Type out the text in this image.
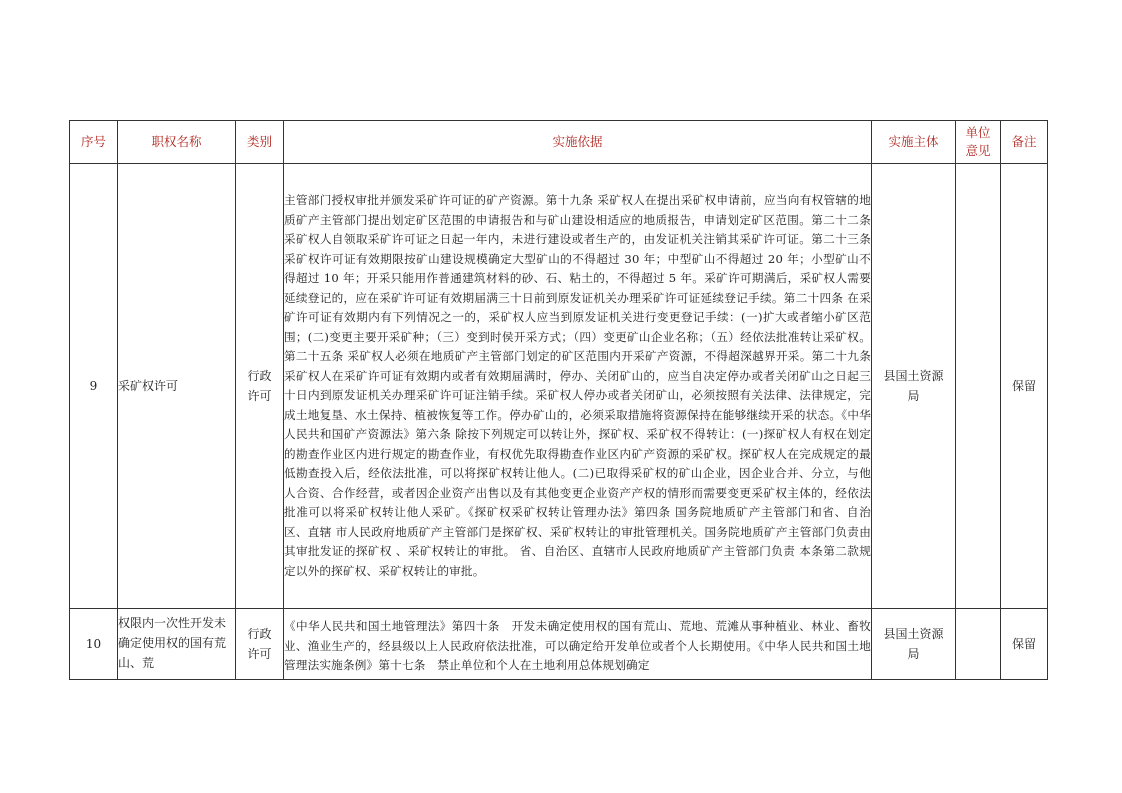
序号	职权名称	类别	实施依据	实施主体	单位意见	备注
9	采矿权许可	行政许可	主管部门授权审批并颁发采矿许可证的矿产资源。第十九条 采矿权人在提出采矿权申请前，应当向有权管辖的地质矿产主管部门提出划定矿区范围的申请报告和与矿山建设相适应的地质报告，申请划定矿区范围。第二十二条 采矿权人自领取采矿许可证之日起一年内，未进行建设或者生产的，由发证机关注销其采矿许可证。第二十三条 采矿权许可证有效期限按矿山建设规模确定大型矿山的不得超过 30 年；中型矿山不得超过 20 年；小型矿山不得超过 10 年；开采只能用作普通建筑材料的砂、石、粘土的，不得超过 5 年。采矿许可期满后，采矿权人需要延续登记的，应在采矿许可证有效期届满三十日前到原发证机关办理采矿许可证延续登记手续。第二十四条 在采矿许可证有效期内有下列情况之一的，采矿权人应当到原发证机关进行变更登记手续：(一)扩大或者缩小矿区范围；(二)变更主要开采矿种；（三）变到时侯开采方式；（四）变更矿山企业名称；（五）经依法批准转让采矿权。第二十五条 采矿权人必须在地质矿产主管部门划定的矿区范围内开采矿产资源，不得超深越界开采。第二十九条 采矿权人在采矿许可证有效期内或者有效期届满时，停办、关闭矿山的，应当自决定停办或者关闭矿山之日起三十日内到原发证机关办理采矿许可证注销手续。采矿权人停办或者关闭矿山，必须按照有关法律、法律规定，完成土地复垦、水土保持、植被恢复等工作。停办矿山的，必须采取措施将资源保持在能够继续开采的状态。《中华人民共和国矿产资源法》第六条 除按下列规定可以转让外，探矿权、采矿权不得转让：(一)探矿权人有权在划定的勘查作业区内进行规定的勘查作业，有权优先取得勘查作业区内矿产资源的采矿权。探矿权人在完成规定的最低勘查投入后，经依法批准，可以将探矿权转让他人。(二)已取得采矿权的矿山企业，因企业合并、分立，与他人合资、合作经营，或者因企业资产出售以及有其他变更企业资产产权的情形而需要变更采矿权主体的，经依法批准可以将采矿权转让他人采矿。《探矿权采矿权转让管理办法》第四条 国务院地质矿产主管部门和省、自治区、直辖 市人民政府地质矿产主管部门是探矿权、采矿权转让的审批管理机关。国务院地质矿产主管部门负责由其审批发证的探矿权 、采矿权转让的审批。 省、自治区、直辖市人民政府地质矿产主管部门负责 本条第二款规定以外的探矿权、采矿权转让的审批。	县国土资源局		保留
10	权限内一次性开发未确定使用权的国有荒山、荒	行政许可	《中华人民共和国土地管理法》第四十条　开发未确定使用权的国有荒山、荒地、荒滩从事种植业、林业、畜牧业、渔业生产的，经县级以上人民政府依法批准，可以确定给开发单位或者个人长期使用。《中华人民共和国土地管理法实施条例》第十七条　禁止单位和个人在土地利用总体规划确定	县国土资源局		保留
